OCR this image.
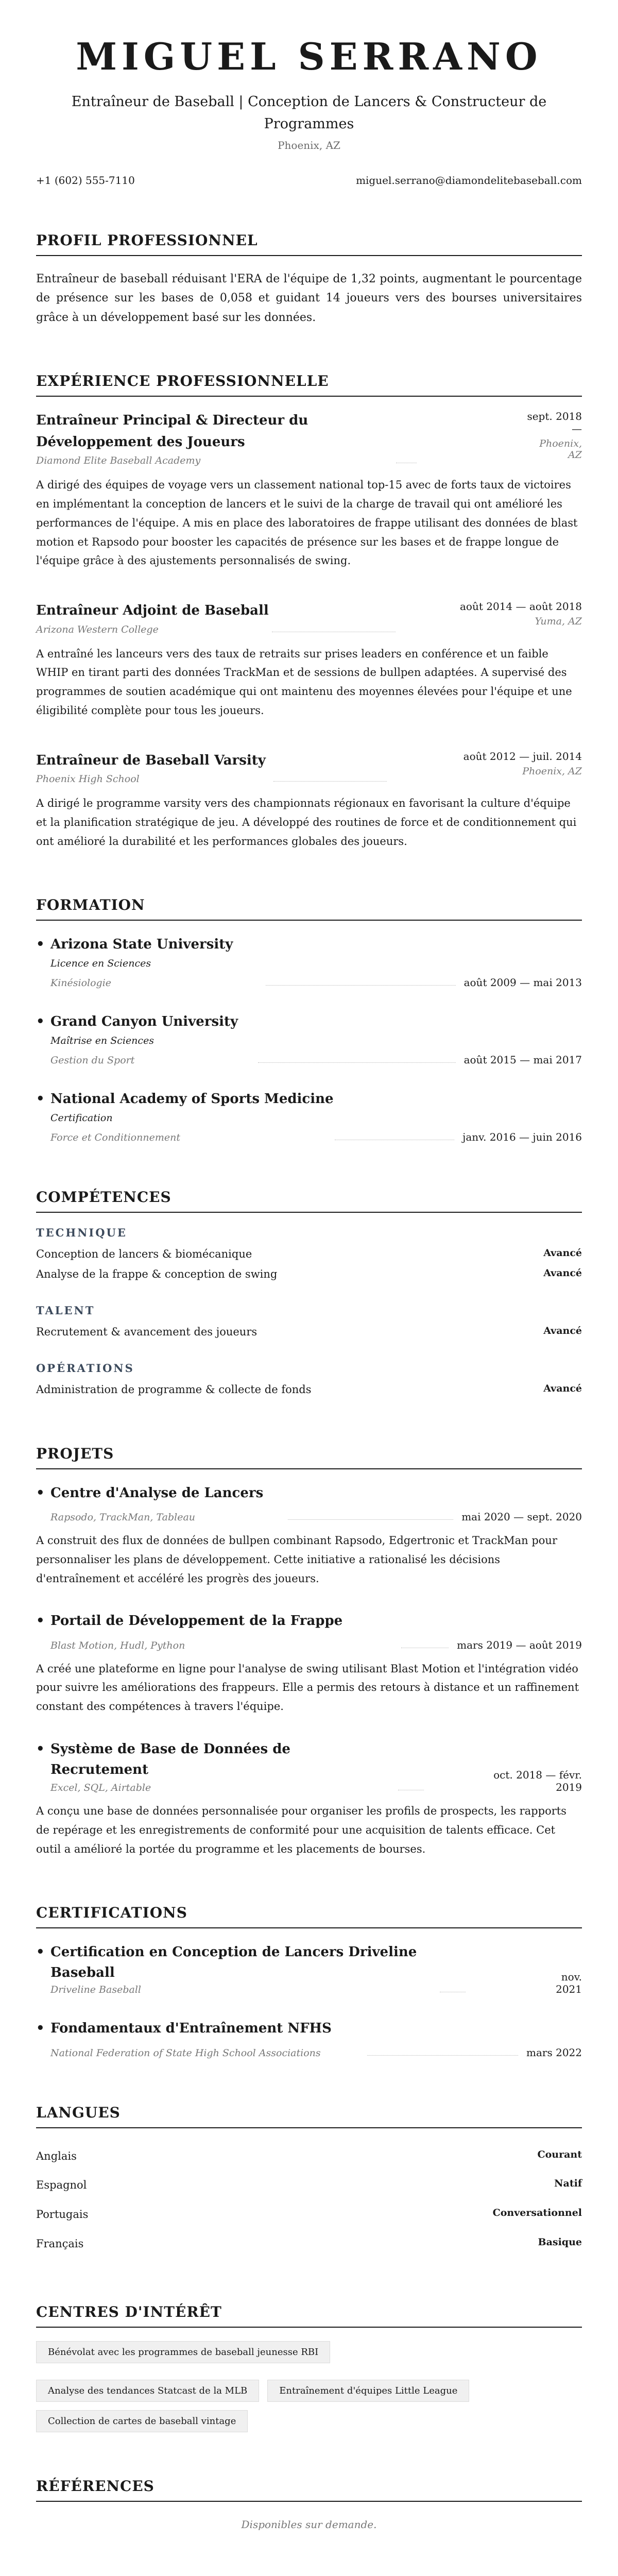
MIGUEL SERRANO
Entraîneur de Baseball | Conception de Lancers & Constructeur de Programmes
Phoenix, AZ
+1 (602) 555-7110	miguel.serrano@diamondelitebaseball.com
PROFIL PROFESSIONNEL

Entraîneur de baseball réduisant l'ERA de l'équipe de 1,32 points, augmentant le pourcentage de présence sur les bases de 0,058 et guidant 14 joueurs vers des bourses universitaires grâce à un développement basé sur les données.

EXPÉRIENCE PROFESSIONNELLE
Entraîneur Principal & Directeur du Développement des Joueurs
Diamond Elite Baseball Academy
sept. 2018
—
Phoenix,
AZ

A dirigé des équipes de voyage vers un classement national top-15 avec de forts taux de victoires en implémentant la conception de lancers et le suivi de la charge de travail qui ont amélioré les performances de l'équipe. A mis en place des laboratoires de frappe utilisant des données de blast motion et Rapsodo pour booster les capacités de présence sur les bases et de frappe longue de l'équipe grâce à des ajustements personnalisés de swing.

Entraîneur Adjoint de Baseball
Arizona Western College
août 2014 — août 2018
Yuma, AZ

A entraîné les lanceurs vers des taux de retraits sur prises leaders en conférence et un faible WHIP en tirant parti des données TrackMan et de sessions de bullpen adaptées. A supervisé des programmes de soutien académique qui ont maintenu des moyennes élevées pour l'équipe et une éligibilité complète pour tous les joueurs.

Entraîneur de Baseball Varsity
Phoenix High School
août 2012 — juil. 2014
Phoenix, AZ

A dirigé le programme varsity vers des championnats régionaux en favorisant la culture d'équipe et la planification stratégique de jeu. A développé des routines de force et de conditionnement qui ont amélioré la durabilité et les performances globales des joueurs.

FORMATION
• Arizona State University
Licence en Sciences
Kinésiologie	août 2009 — mai 2013
• Grand Canyon University
Maîtrise en Sciences
Gestion du Sport	août 2015 — mai 2017
• National Academy of Sports Medicine
Certification
Force et Conditionnement	janv. 2016 — juin 2016
COMPÉTENCES
TECHNIQUE
Conception de lancers & biomécanique	Avancé
Analyse de la frappe & conception de swing	Avancé
TALENT
Recrutement & avancement des joueurs	Avancé
OPÉRATIONS
Administration de programme & collecte de fonds	Avancé
PROJETS
• Centre d'Analyse de Lancers
Rapsodo, TrackMan, Tableau	mai 2020 — sept. 2020

A construit des flux de données de bullpen combinant Rapsodo, Edgertronic et TrackMan pour personnaliser les plans de développement. Cette initiative a rationalisé les décisions d'entraînement et accéléré les progrès des joueurs.

• Portail de Développement de la Frappe
Blast Motion, Hudl, Python	mars 2019 — août 2019

A créé une plateforme en ligne pour l'analyse de swing utilisant Blast Motion et l'intégration vidéo pour suivre les améliorations des frappeurs. Elle a permis des retours à distance et un raffinement constant des compétences à travers l'équipe.

• Système de Base de Données de Recrutement
Excel, SQL, Airtable
oct. 2018 — févr.
2019

A conçu une base de données personnalisée pour organiser les profils de prospects, les rapports de repérage et les enregistrements de conformité pour une acquisition de talents efficace. Cet outil a amélioré la portée du programme et les placements de bourses.

CERTIFICATIONS
• Certification en Conception de Lancers Driveline Baseball
Driveline Baseball
nov.
2021
• Fondamentaux d'Entraînement NFHS
National Federation of State High School Associations	mars 2022
LANGUES
Anglais	Courant
Espagnol	Natif
Portugais	Conversationnel
Français	Basique
CENTRES D'INTÉRÊT
Bénévolat avec les programmes de baseball jeunesse RBI
Analyse des tendances Statcast de la MLB	Entraînement d'équipes Little League
Collection de cartes de baseball vintage
RÉFÉRENCES
Disponibles sur demande.
